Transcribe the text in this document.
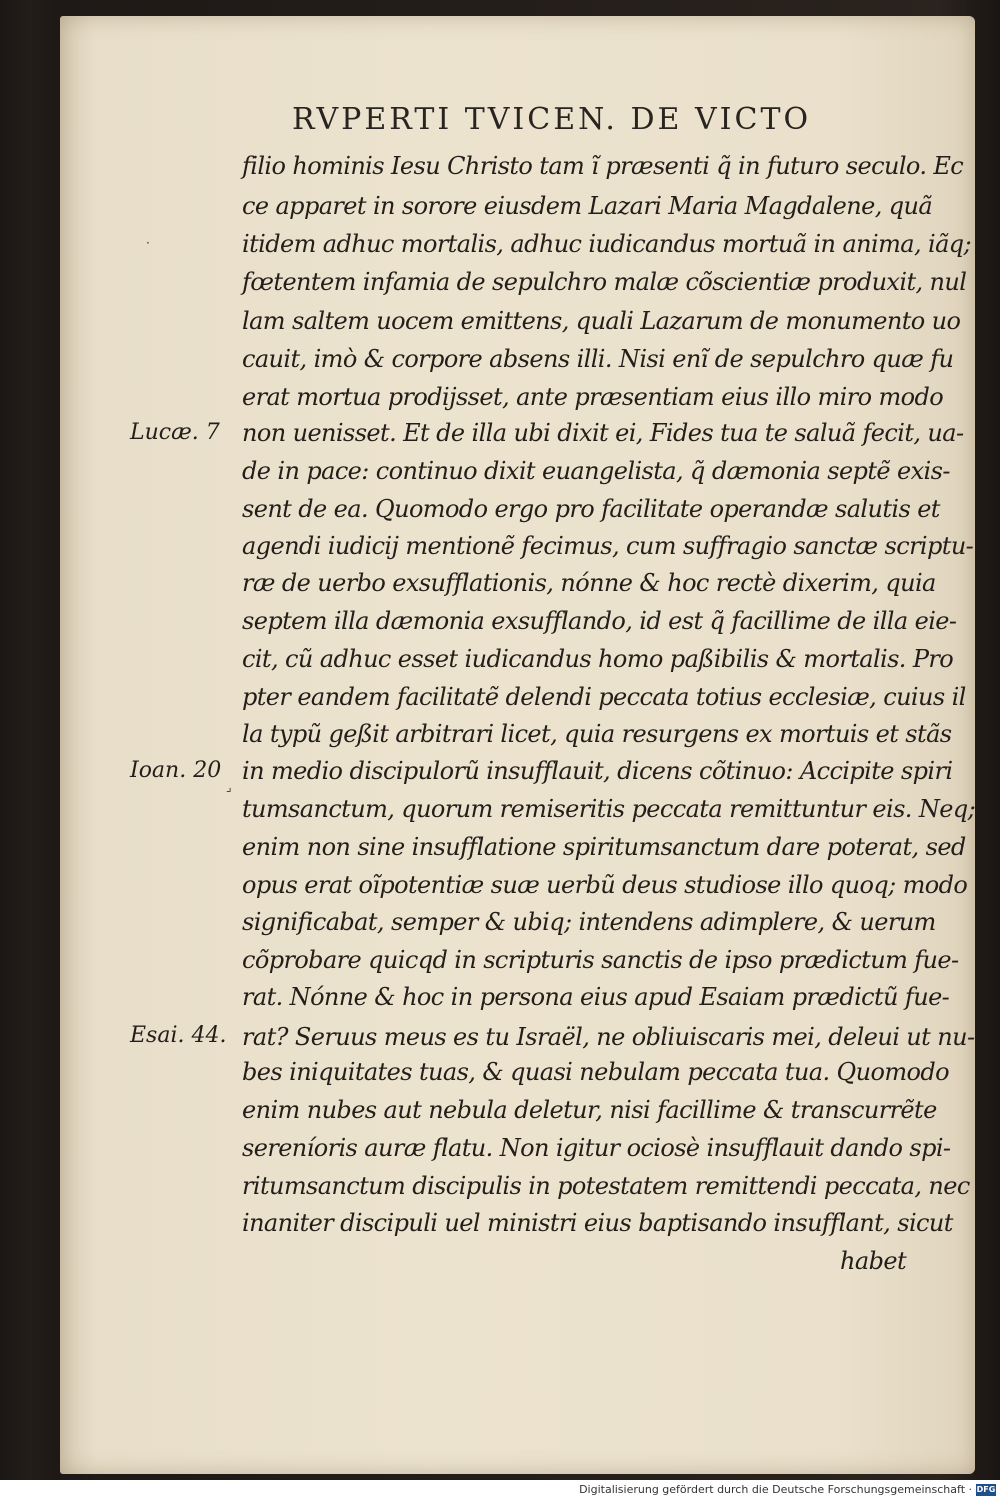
RVPERTI TVICEN. DE VICTO
filio hominis Iesu Christo tam ĩ præsenti q̃ in futuro seculo. Ec
ce apparet in sorore eiusdem Lazari Maria Magdalene, quã
itidem adhuc mortalis, adhuc iudicandus mortuã in anima, iãq;
fœtentem infamia de sepulchro malæ cõscientiæ produxit, nul
lam saltem uocem emittens, quali Lazarum de monumento uo
cauit, imò & corpore absens illi. Nisi enĩ de sepulchro quæ fu
erat mortua prodijsset, ante præsentiam eius illo miro modo
non uenisset. Et de illa ubi dixit ei, Fides tua te saluã fecit, ua-
de in pace: continuo dixit euangelista, q̃ dæmonia septẽ exis-
sent de ea. Quomodo ergo pro facilitate operandæ salutis et
agendi iudicij mentionẽ fecimus, cum suffragio sanctæ scriptu-
ræ de uerbo exsufflationis, nónne & hoc rectè dixerim, quia
septem illa dæmonia exsufflando, id est q̃ facillime de illa eie-
cit, cũ adhuc esset iudicandus homo paßibilis & mortalis. Pro
pter eandem facilitatẽ delendi peccata totius ecclesiæ, cuius il
la typũ geßit arbitrari licet, quia resurgens ex mortuis et stãs
in medio discipulorũ insufflauit, dicens cõtinuo: Accipite spiri
tumsanctum, quorum remiseritis peccata remittuntur eis. Neq;
enim non sine insufflatione spiritumsanctum dare poterat, sed
opus erat oĩpotentiæ suæ uerbũ deus studiose illo quoq; modo
significabat, semper & ubiq; intendens adimplere, & uerum
cõprobare quicqd in scripturis sanctis de ipso prædictum fue-
rat. Nónne & hoc in persona eius apud Esaiam prædictũ fue-
rat? Seruus meus es tu Israël, ne obliuiscaris mei, deleui ut nu-
bes iniquitates tuas, & quasi nebulam peccata tua. Quomodo
enim nubes aut nebula deletur, nisi facillime & transcurrẽte
sereníoris auræ flatu. Non igitur ociosè insufflauit dando spi-
ritumsanctum discipulis in potestatem remittendi peccata, nec
inaniter discipuli uel ministri eius baptisando insufflant, sicut
habet
Lucæ. 7
Ioan. 20
Esai. 44.
·
⌟
Digitalisierung gefördert durch die Deutsche Forschungsgemeinschaft · DFG
